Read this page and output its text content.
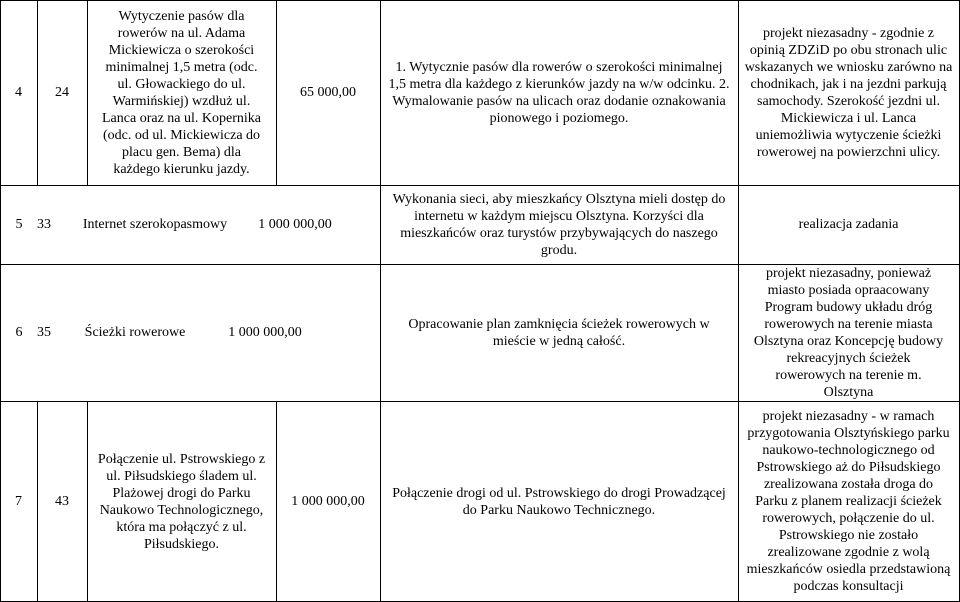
4 24
Wytyczenie pasów dla rowerów na ul. Adama Mickiewicza o szerokości minimalnej 1,5 metra (odc. ul. Głowackiego do ul. Warmińskiej) wzdłuż ul. Lanca oraz na ul. Kopernika (odc. od ul. Mickiewicza do placu gen. Bema) dla każdego kierunku jazdy.
65 000,00
1. Wytycznie pasów dla rowerów o szerokości minimalnej 1,5 metra dla każdego z kierunków jazdy na w/w odcinku. 2. Wymalowanie pasów na ulicach oraz dodanie oznakowania pionowego i poziomego.
projekt niezasadny - zgodnie z opinią ZDZiD po obu stronach ulic wskazanych we wniosku zarówno na chodnikach, jak i na jezdni parkują samochody. Szerokość jezdni ul. Mickiewicza i ul. Lanca uniemożliwia wytyczenie ścieżki rowerowej na powierzchni ulicy.
5	33	Internet szerokopasmowy	1 000 000,00
Wykonania sieci, aby mieszkańcy Olsztyna mieli dostęp do internetu w każdym miejscu Olsztyna. Korzyści dla mieszkańców oraz turystów przybywających do naszego grodu.
realizacja zadania
6	35	Ścieżki rowerowe	1 000 000,00
Opracowanie plan zamknięcia ścieżek rowerowych w mieście w jedną całość.
projekt niezasadny, ponieważ miasto posiada opraacowany Program budowy układu dróg rowerowych na terenie miasta Olsztyna oraz Koncepcję budowy rekreacyjnych ścieżek rowerowych na terenie m. Olsztyna
7 43
Połączenie ul. Pstrowskiego z ul. Piłsudskiego śladem ul. Plażowej drogi do Parku Naukowo Technologicznego, która ma połączyć z ul. Piłsudskiego.
1 000 000,00
Połączenie drogi od ul. Pstrowskiego do drogi Prowadzącej do Parku Naukowo Technicznego.
projekt niezasadny - w ramach przygotowania Olsztyńskiego parku naukowo-technologicznego od Pstrowskiego aż do Piłsudskiego zrealizowana została droga do Parku z planem realizacji ścieżek rowerowych, połączenie do ul. Pstrowskiego nie zostało zrealizowane zgodnie z wolą mieszkańców osiedla przedstawioną podczas konsultacji
